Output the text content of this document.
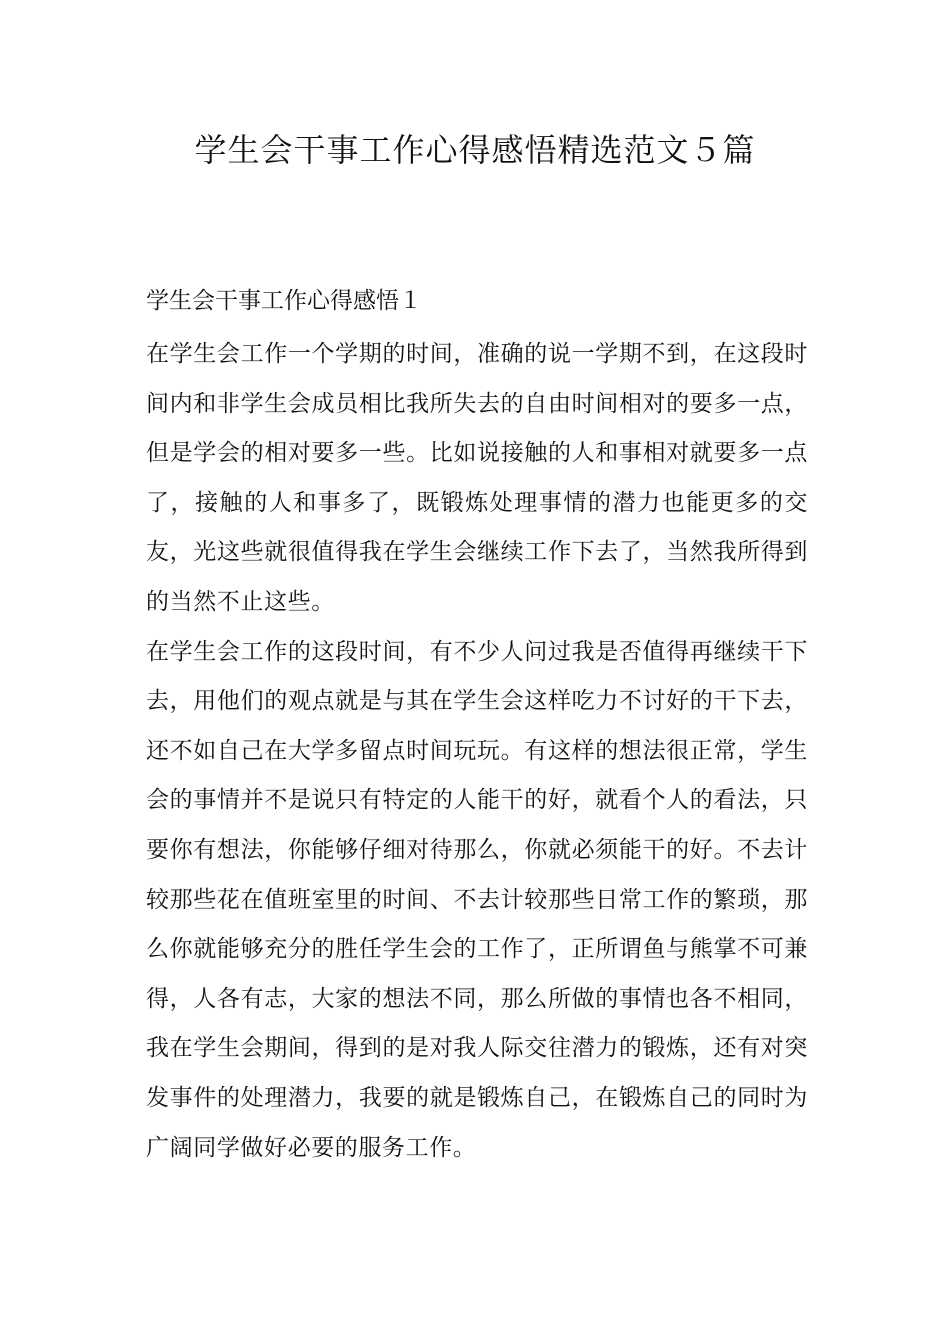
学生会干事工作心得感悟精选范文５篇
学生会干事工作心得感悟１

在学生会工作一个学期的时间，准确的说一学期不到，在这段时间内和非学生会成员相比我所失去的自由时间相对的要多一点，但是学会的相对要多一些。比如说接触的人和事相对就要多一点了，接触的人和事多了，既锻炼处理事情的潜力也能更多的交友，光这些就很值得我在学生会继续工作下去了，当然我所得到的当然不止这些。

在学生会工作的这段时间，有不少人问过我是否值得再继续干下去，用他们的观点就是与其在学生会这样吃力不讨好的干下去，还不如自己在大学多留点时间玩玩。有这样的想法很正常，学生会的事情并不是说只有特定的人能干的好，就看个人的看法，只要你有想法，你能够仔细对待那么，你就必须能干的好。不去计较那些花在值班室里的时间、不去计较那些日常工作的繁琐，那么你就能够充分的胜任学生会的工作了，正所谓鱼与熊掌不可兼得，人各有志，大家的想法不同，那么所做的事情也各不相同，我在学生会期间，得到的是对我人际交往潜力的锻炼，还有对突发事件的处理潜力，我要的就是锻炼自己，在锻炼自己的同时为广阔同学做好必要的服务工作。
